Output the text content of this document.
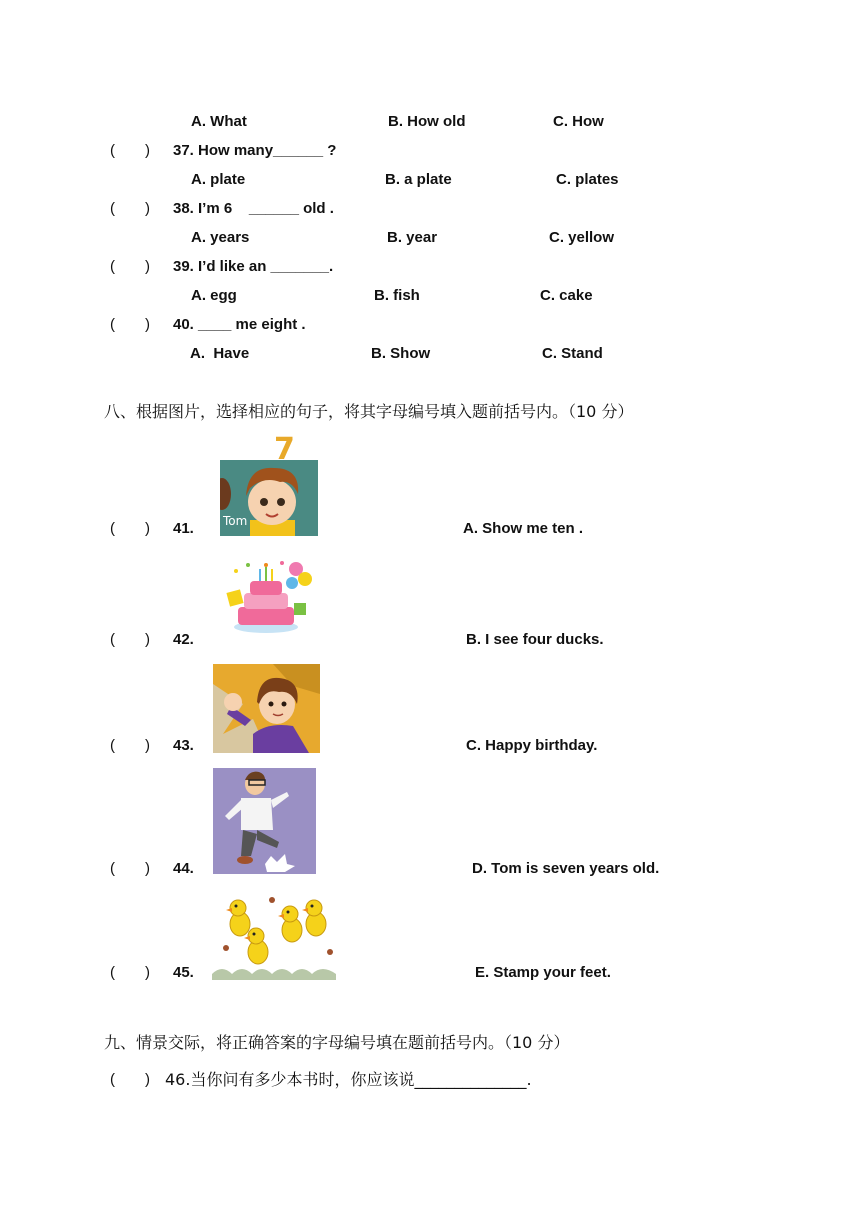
A. What	B. How old	C. How
(　　) 37. How many______ ?
A. plate	B. a plate	C. plates
(　　) 38. I’m 6    ______ old .
A. years	B. year	C. yellow
(　　) 39. I’d like an _______.
A. egg	B. fish	C. cake
(　　) 40. ____ me eight .
A.  Have	B. Show	C. Stand
八、根据图片，选择相应的句子，将其字母编号填入题前括号内。（10 分）
7
Tom
(　　) 41.	A. Show me ten .
(　　) 42.	B. I see four ducks.
(　　) 43.	C. Happy birthday.
(　　) 44.	D. Tom is seven years old.
(　　) 45.	E. Stamp your feet.
九、情景交际，将正确答案的字母编号填在题前括号内。（10 分）
(　　) 46.当你问有多少本书时，你应该说______________.
